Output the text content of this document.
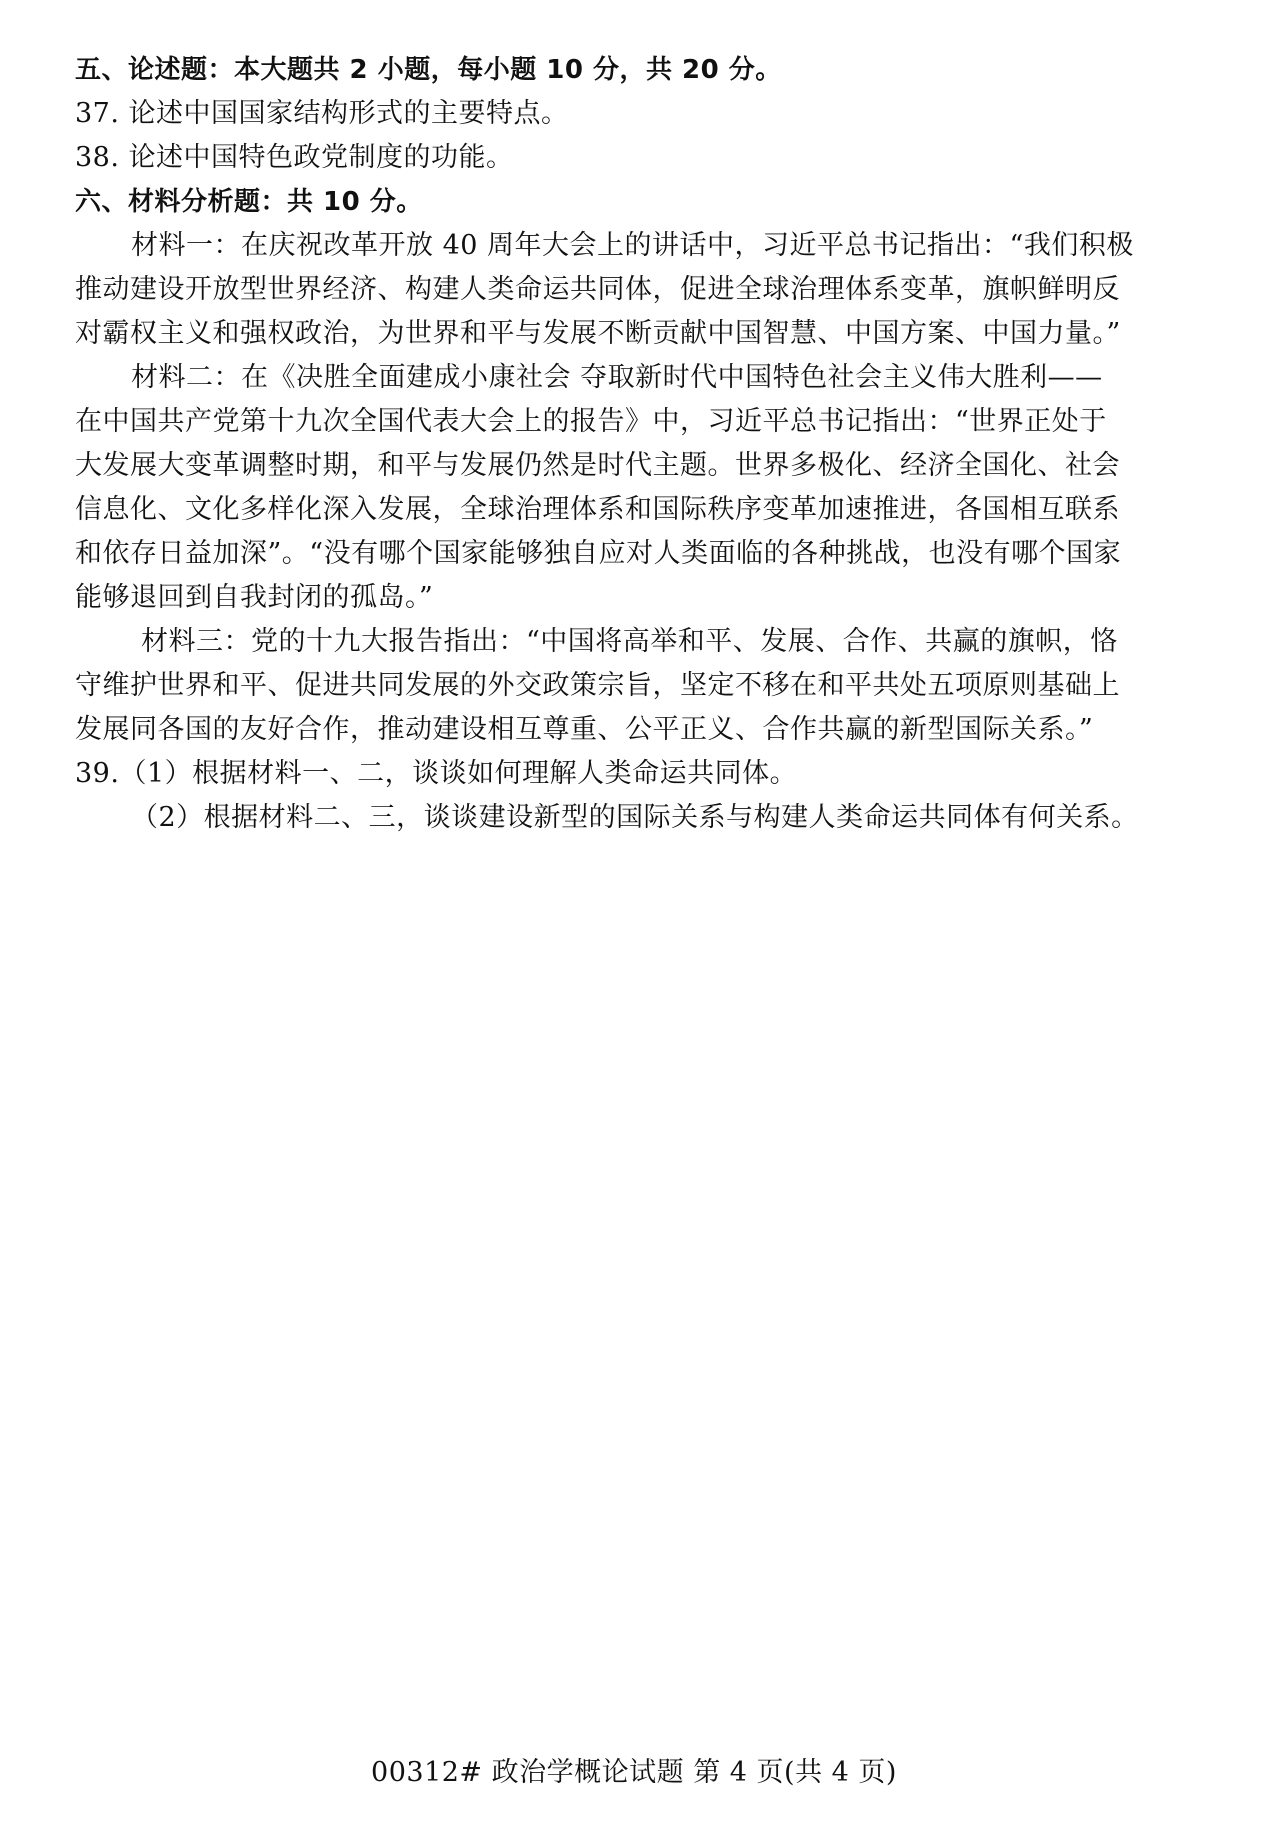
五、论述题：本大题共 2 小题，每小题 10 分，共 20 分。

37. 论述中国国家结构形式的主要特点。

38. 论述中国特色政党制度的功能。

六、材料分析题：共 10 分。

材料一：在庆祝改革开放 40 周年大会上的讲话中，习近平总书记指出：“我们积极

推动建设开放型世界经济、构建人类命运共同体，促进全球治理体系变革，旗帜鲜明反

对霸权主义和强权政治，为世界和平与发展不断贡献中国智慧、中国方案、中国力量。”

材料二：在《决胜全面建成小康社会 夺取新时代中国特色社会主义伟大胜利——

在中国共产党第十九次全国代表大会上的报告》中，习近平总书记指出：“世界正处于

大发展大变革调整时期，和平与发展仍然是时代主题。世界多极化、经济全国化、社会

信息化、文化多样化深入发展，全球治理体系和国际秩序变革加速推进，各国相互联系

和依存日益加深”。“没有哪个国家能够独自应对人类面临的各种挑战，也没有哪个国家

能够退回到自我封闭的孤岛。”

材料三：党的十九大报告指出：“中国将高举和平、发展、合作、共赢的旗帜，恪

守维护世界和平、促进共同发展的外交政策宗旨，坚定不移在和平共处五项原则基础上

发展同各国的友好合作，推动建设相互尊重、公平正义、合作共赢的新型国际关系。”

39.（1）根据材料一、二，谈谈如何理解人类命运共同体。

（2）根据材料二、三，谈谈建设新型的国际关系与构建人类命运共同体有何关系。

00312# 政治学概论试题 第 4 页(共 4 页)
